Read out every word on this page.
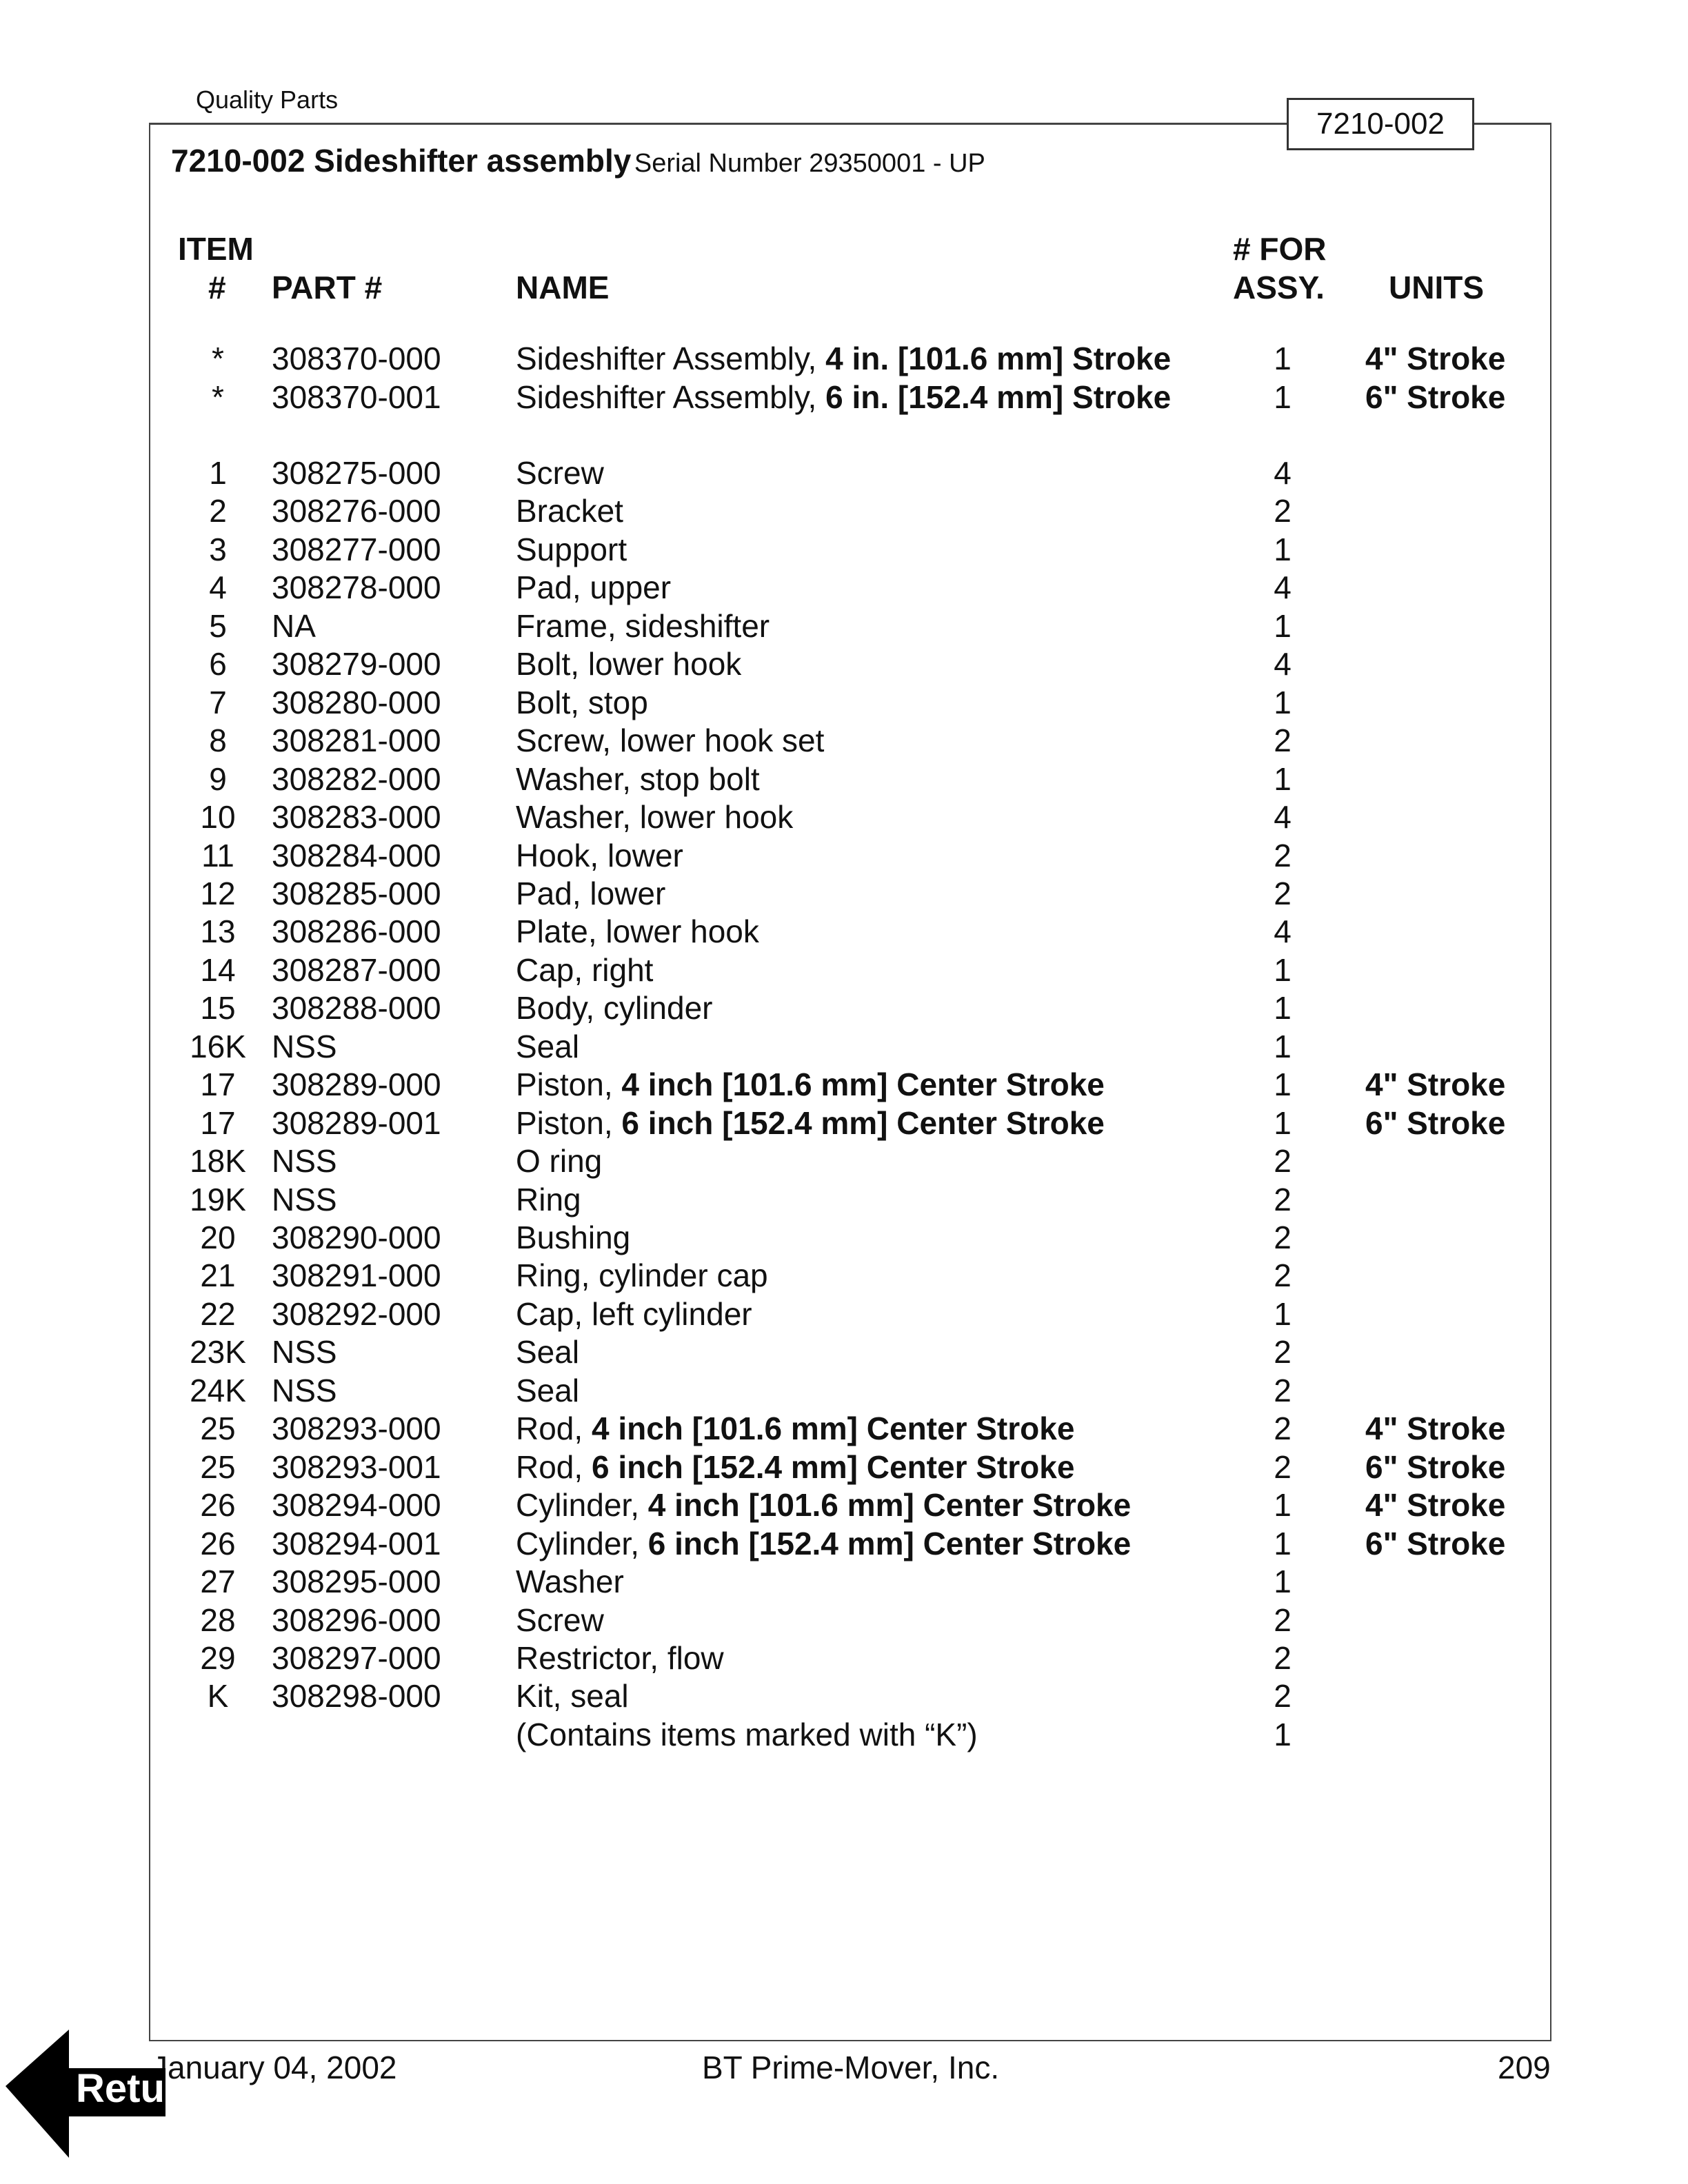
Quality Parts
7210-002
7210-002 Sideshifter assembly Serial Number 29350001 - UP
ITEM
# PART #	NAME
# FOR
ASSY. UNITS
*	308370-000 Sideshifter Assembly, 4 in. [101.6 mm] Stroke	1	4" Stroke
*	308370-001 Sideshifter Assembly, 6 in. [152.4 mm] Stroke	1	6" Stroke
1	308275-000 Screw	4
2	308276-000 Bracket	2
3	308277-000 Support	1
4	308278-000 Pad, upper	4
5	NA	Frame, sideshifter	1
6	308279-000 Bolt, lower hook	4
7	308280-000 Bolt, stop	1
8	308281-000 Screw, lower hook set	2
9	308282-000 Washer, stop bolt	1
10	308283-000 Washer, lower hook	4
11	308284-000 Hook, lower	2
12	308285-000 Pad, lower	2
13	308286-000 Plate, lower hook	4
14	308287-000 Cap, right	1
15	308288-000 Body, cylinder	1
16K NSS	Seal	1
17	308289-000 Piston, 4 inch [101.6 mm] Center Stroke	1	4" Stroke
17	308289-001 Piston, 6 inch [152.4 mm] Center Stroke	1	6" Stroke
18K NSS	O ring	2
19K NSS	Ring	2
20	308290-000 Bushing	2
21	308291-000 Ring, cylinder cap	2
22	308292-000 Cap, left cylinder	1
23K NSS	Seal	2
24K NSS	Seal	2
25	308293-000 Rod, 4 inch [101.6 mm] Center Stroke	2	4" Stroke
25	308293-001 Rod, 6 inch [152.4 mm] Center Stroke	2	6" Stroke
26	308294-000 Cylinder, 4 inch [101.6 mm] Center Stroke	1	4" Stroke
26	308294-001 Cylinder, 6 inch [152.4 mm] Center Stroke	1	6" Stroke
27	308295-000 Washer	1
28	308296-000 Screw	2
29	308297-000 Restrictor, flow	2
K	308298-000 Kit, seal	2
(Contains items marked with “K”)	1
January 04, 2002	BT Prime-Mover, Inc.	209
Return
